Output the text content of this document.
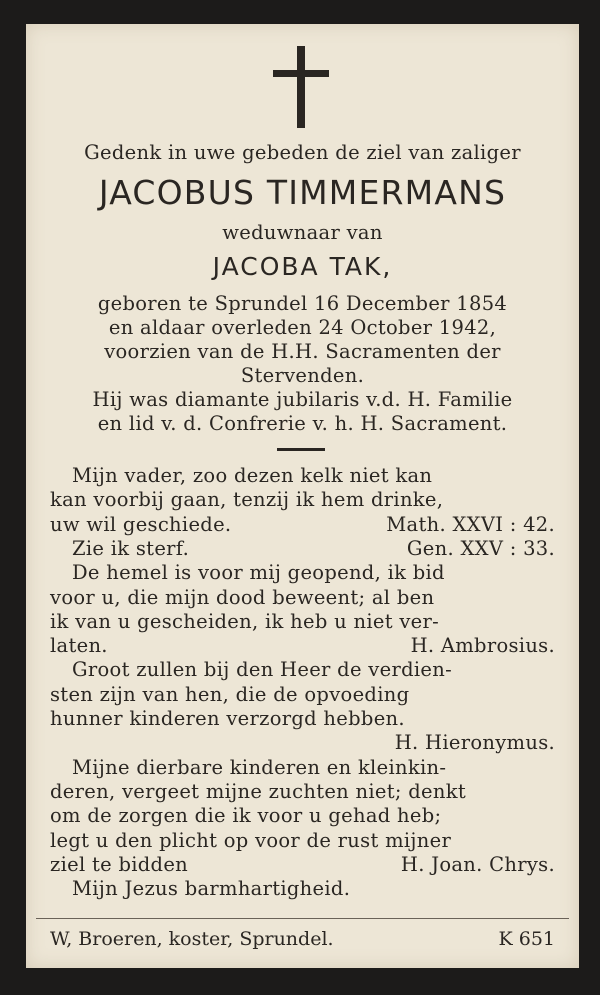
Gedenk in uwe gebeden de ziel van zaliger
JACOBUS TIMMERMANS
weduwnaar van
JACOBA TAK,
geboren te Sprundel 16 December 1854
en aldaar overleden 24 October 1942,
voorzien van de H.H. Sacramenten der
Stervenden.
Hij was diamante jubilaris v.d. H. Familie
en lid v. d. Confrerie v. h. H. Sacrament.
Mijn vader, zoo dezen kelk niet kan
kan voorbij gaan, tenzij ik hem drinke,
uw wil geschiede.	Math. XXVI : 42.
Zie ik sterf.	Gen. XXV : 33.
De hemel is voor mij geopend, ik bid
voor u, die mijn dood beweent; al ben
ik van u gescheiden, ik heb u niet ver-
laten.	H. Ambrosius.
Groot zullen bij den Heer de verdien-
sten zijn van hen, die de opvoeding
hunner kinderen verzorgd hebben.
H. Hieronymus.
Mijne dierbare kinderen en kleinkin-
deren, vergeet mijne zuchten niet; denkt
om de zorgen die ik voor u gehad heb;
legt u den plicht op voor de rust mijner
ziel te bidden	H. Joan. Chrys.
Mijn Jezus barmhartigheid.
W, Broeren, koster, Sprundel.	K 651
